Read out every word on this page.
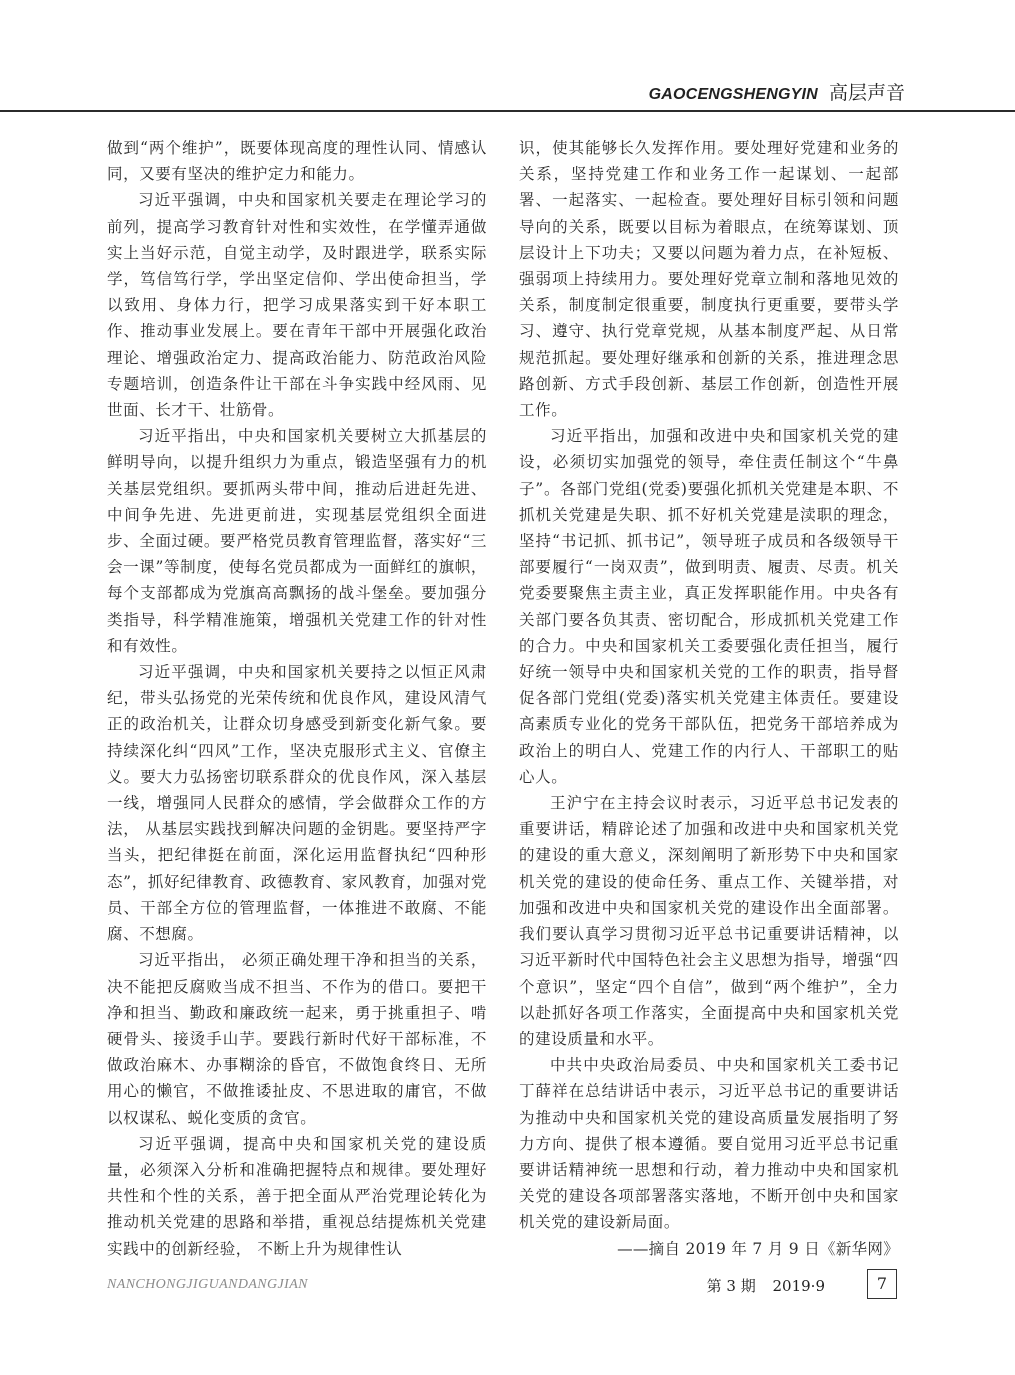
GAOCENGSHENGYIN 高层声音

做到“两个维护”，既要体现高度的理性认同、情感认同，又要有坚决的维护定力和能力。

习近平强调，中央和国家机关要走在理论学习的前列，提高学习教育针对性和实效性，在学懂弄通做实上当好示范，自觉主动学，及时跟进学，联系实际学，笃信笃行学，学出坚定信仰、学出使命担当，学以致用、身体力行，把学习成果落实到干好本职工作、推动事业发展上。要在青年干部中开展强化政治理论、增强政治定力、提高政治能力、防范政治风险专题培训，创造条件让干部在斗争实践中经风雨、见世面、长才干、壮筋骨。

习近平指出，中央和国家机关要树立大抓基层的鲜明导向，以提升组织力为重点，锻造坚强有力的机关基层党组织。要抓两头带中间，推动后进赶先进、中间争先进、先进更前进，实现基层党组织全面进步、全面过硬。要严格党员教育管理监督，落实好“三会一课”等制度，使每名党员都成为一面鲜红的旗帜， 每个支部都成为党旗高高飘扬的战斗堡垒。要加强分类指导，科学精准施策，增强机关党建工作的针对性和有效性。

习近平强调，中央和国家机关要持之以恒正风肃纪，带头弘扬党的光荣传统和优良作风，建设风清气正的政治机关，让群众切身感受到新变化新气象。要持续深化纠“四风”工作，坚决克服形式主义、官僚主义。要大力弘扬密切联系群众的优良作风，深入基层一线，增强同人民群众的感情，学会做群众工作的方法， 从基层实践找到解决问题的金钥匙。要坚持严字当头，把纪律挺在前面，深化运用监督执纪“四种形态”，抓好纪律教育、政德教育、家风教育，加强对党员、干部全方位的管理监督，一体推进不敢腐、不能腐、不想腐。

习近平指出， 必须正确处理干净和担当的关系，决不能把反腐败当成不担当、不作为的借口。要把干净和担当、勤政和廉政统一起来，勇于挑重担子、啃硬骨头、接烫手山芋。要践行新时代好干部标准，不做政治麻木、办事糊涂的昏官，不做饱食终日、无所用心的懒官，不做推诿扯皮、不思进取的庸官，不做以权谋私、蜕化变质的贪官。

习近平强调，提高中央和国家机关党的建设质量，必须深入分析和准确把握特点和规律。要处理好共性和个性的关系，善于把全面从严治党理论转化为推动机关党建的思路和举措，重视总结提炼机关党建实践中的创新经验， 不断上升为规律性认

识，使其能够长久发挥作用。要处理好党建和业务的关系，坚持党建工作和业务工作一起谋划、一起部署、一起落实、一起检查。要处理好目标引领和问题导向的关系，既要以目标为着眼点，在统筹谋划、顶层设计上下功夫；又要以问题为着力点，在补短板、强弱项上持续用力。要处理好党章立制和落地见效的关系，制度制定很重要，制度执行更重要，要带头学习、遵守、执行党章党规，从基本制度严起、从日常规范抓起。要处理好继承和创新的关系，推进理念思路创新、方式手段创新、基层工作创新，创造性开展工作。

习近平指出，加强和改进中央和国家机关党的建设，必须切实加强党的领导，牵住责任制这个“牛鼻子”。各部门党组(党委)要强化抓机关党建是本职、不抓机关党建是失职、抓不好机关党建是渎职的理念，坚持“书记抓、抓书记”，领导班子成员和各级领导干部要履行“一岗双责”，做到明责、履责、尽责。机关党委要聚焦主责主业，真正发挥职能作用。中央各有关部门要各负其责、密切配合，形成抓机关党建工作的合力。中央和国家机关工委要强化责任担当，履行好统一领导中央和国家机关党的工作的职责，指导督促各部门党组(党委)落实机关党建主体责任。要建设高素质专业化的党务干部队伍，把党务干部培养成为政治上的明白人、党建工作的内行人、干部职工的贴心人。

王沪宁在主持会议时表示，习近平总书记发表的重要讲话，精辟论述了加强和改进中央和国家机关党的建设的重大意义，深刻阐明了新形势下中央和国家机关党的建设的使命任务、重点工作、关键举措，对加强和改进中央和国家机关党的建设作出全面部署。我们要认真学习贯彻习近平总书记重要讲话精神，以习近平新时代中国特色社会主义思想为指导，增强“四个意识”，坚定“四个自信”，做到“两个维护”，全力以赴抓好各项工作落实，全面提高中央和国家机关党的建设质量和水平。

中共中央政治局委员、中央和国家机关工委书记丁薛祥在总结讲话中表示，习近平总书记的重要讲话为推动中央和国家机关党的建设高质量发展指明了努力方向、提供了根本遵循。要自觉用习近平总书记重要讲话精神统一思想和行动，着力推动中央和国家机关党的建设各项部署落实落地，不断开创中央和国家机关党的建设新局面。

——摘自 2019 年 7 月 9 日《新华网》

NANCHONGJIGUANDANGJIAN	第 3 期 2019·9	7
